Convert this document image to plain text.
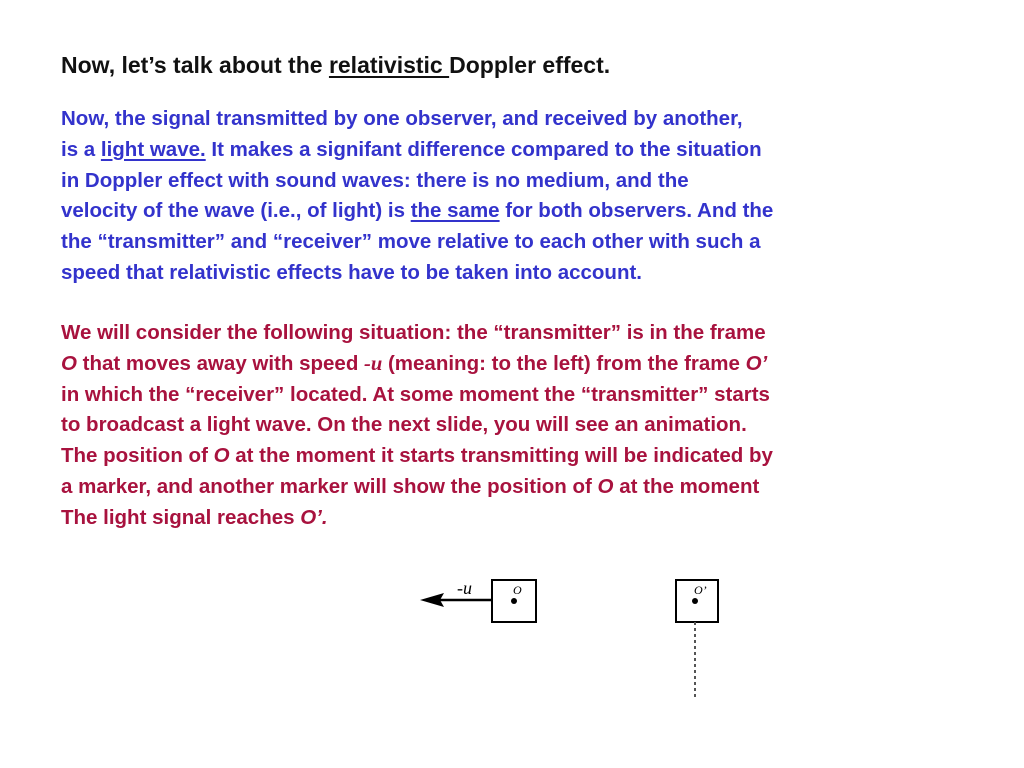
Now, let’s talk about the relativistic Doppler effect.
Now, the signal transmitted by one observer, and received by another,
is a light wave. It makes a signifant difference compared to the situation
in Doppler effect with sound waves: there is no medium, and the
velocity of the wave (i.e., of light) is the same for both observers. And the
the “transmitter” and “receiver” move relative to each other with such a
speed that relativistic effects have to be taken into account.
We will consider the following situation: the “transmitter” is in the frame
O that moves away with speed -u (meaning: to the left) from the frame O’
in which the “receiver” located. At some moment the “transmitter” starts
to broadcast a light wave. On the next slide, you will see an animation.
The position of O at the moment it starts transmitting will be indicated by
a marker, and another marker will show the position of O at the moment
The light signal reaches O’.
-u	O	O’
